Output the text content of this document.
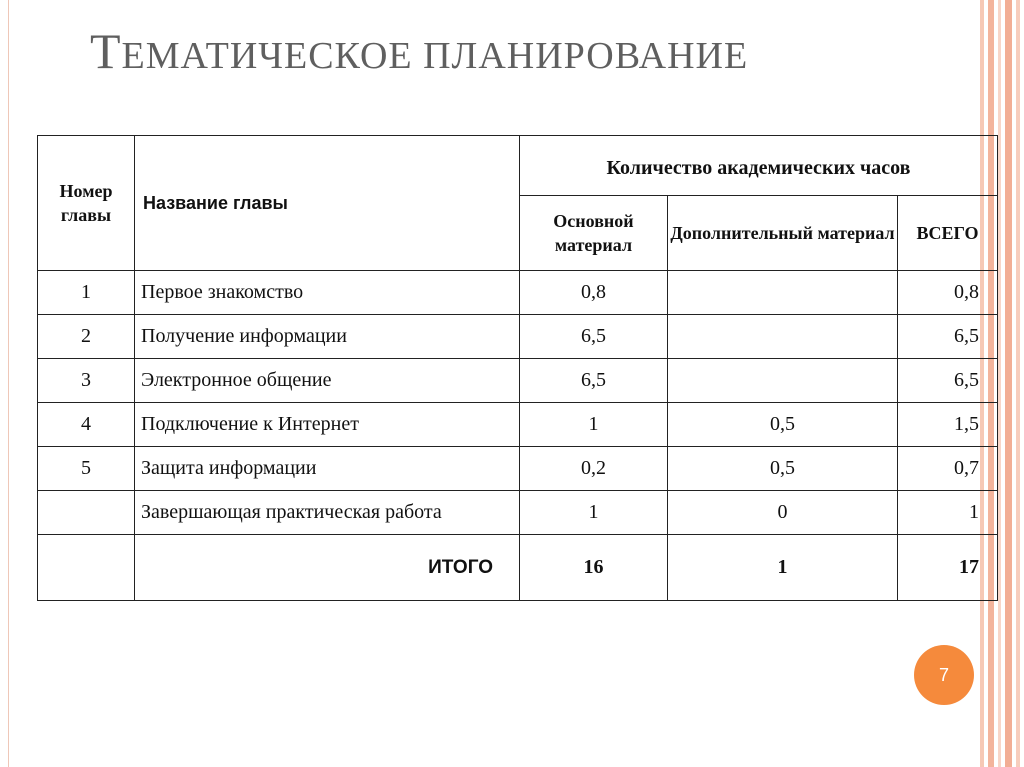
ТЕМАТИЧЕСКОЕ ПЛАНИРОВАНИЕ
Номер главы	Название главы	Количество академических часов		
		Основной материал	Дополнительный материал	ВСЕГО
1	Первое знакомство	0,8		0,8
2	Получение информации	6,5		6,5
3	Электронное общение	6,5		6,5
4	Подключение к Интернет	1	0,5	1,5
5	Защита информации	0,2	0,5	0,7
	Завершающая практическая работа	1	0	1
	ИТОГО	16	1	17
7
